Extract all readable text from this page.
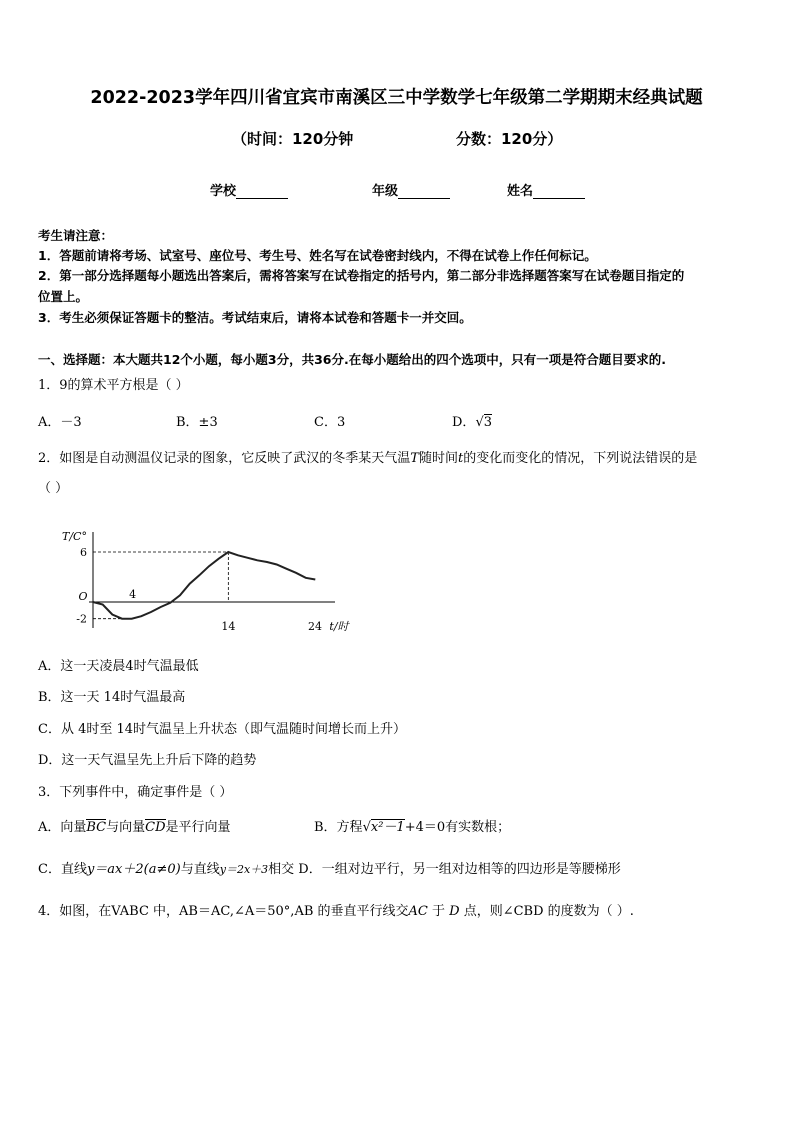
2022-2023学年四川省宜宾市南溪区三中学数学七年级第二学期期末经典试题
（时间：120分钟	分数：120分）
学校	年级	姓名
考生请注意：
1．答题前请将考场、试室号、座位号、考生号、姓名写在试卷密封线内，不得在试卷上作任何标记。
2．第一部分选择题每小题选出答案后，需将答案写在试卷指定的括号内，第二部分非选择题答案写在试卷题目指定的
位置上。
3．考生必须保证答题卡的整洁。考试结束后，请将本试卷和答题卡一并交回。
一、选择题：本大题共12个小题，每小题3分，共36分.在每小题给出的四个选项中，只有一项是符合题目要求的.
1．9的算术平方根是（ ）
A．－3	B．±3	C．3	D．√3
2．如图是自动测温仪记录的图象，它反映了武汉的冬季某天气温T随时间t的变化而变化的情况，下列说法错误的是
（ ）
T/C°
6
-2
O	4
14	24 t/时
A．这一天凌晨4时气温最低
B．这一天 14时气温最高
C．从 4时至 14时气温呈上升状态（即气温随时间增长而上升）
D．这一天气温呈先上升后下降的趋势
3．下列事件中，确定事件是（ ）
A．向量BC与向量CD是平行向量	B．方程√x²－1+4＝0有实数根；
C．直线y＝ax＋2(a≠0)与直线y＝2x＋3相交 D．一组对边平行，另一组对边相等的四边形是等腰梯形
4．如图，在VABC 中，AB＝AC,∠A＝50°,AB 的垂直平行线交AC 于 D 点，则∠CBD 的度数为（ ）.
